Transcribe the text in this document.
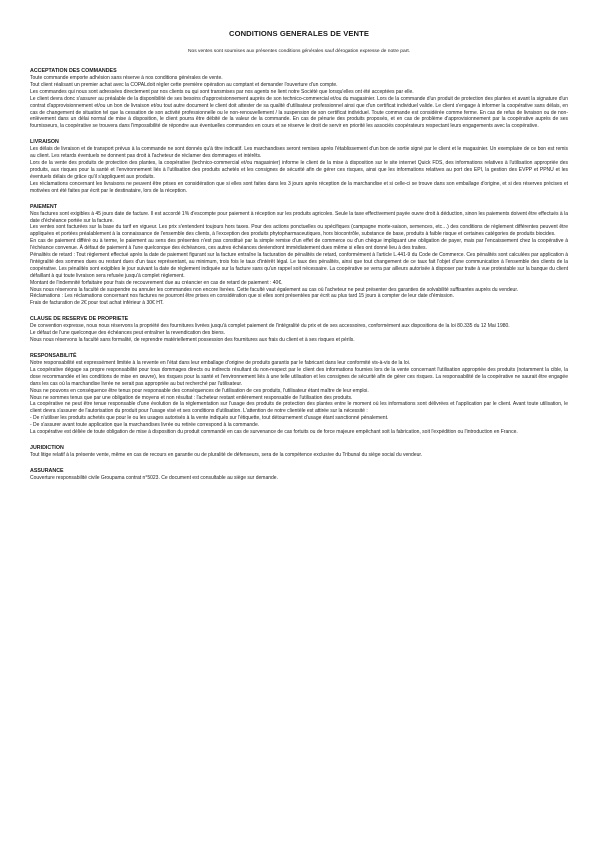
CONDITIONS GENERALES DE VENTE
Nos ventes sont soumises aux présentes conditions générales sauf dérogation expresse de notre part.
ACCEPTATION DES COMMANDES

Toute commande emporte adhésion sans réserve à nos conditions générales de vente.

Tout client réalisant un premier achat avec la COPALdoit régler cette première opération au comptant et demander l'ouverture d'un compte.

Les commandes qui nous sont adressées directement par nos clients ou qui sont transmises par nos agents ne lient notre Société que lorsqu'elles ont été acceptées par elle.

Le client devra donc s'assurer au préalable de la disponibilité de ses besoins d'approvisionnement auprès de son technico-commercial et/ou du magasinier. Lors de la commande d'un produit de protection des plantes et avant la signature d'un contrat d'approvisionnement et/ou un bon de livraison et/ou tout autre document le client doit attester de sa qualité d'utilisateur professionnel ainsi que d'un certificat individuel valide. Le client s'engage à informer la coopérative sans délais, en cas de changement de situation tel que la cessation de son activité professionnelle ou le non-renouvellement / la suspension de son certificat individuel. Toute commande est considérée comme ferme. En cas de refus de livraison ou de non-enlèvement dans un délai normal de mise à disposition, le client pourra être débité de la valeur de la commande. En cas de pénurie des produits proposés, et en cas de problème d'approvisionnement par la coopérative auprès de ses fournisseurs, la coopérative se trouvera dans l'impossibilité de répondre aux éventuelles commandes en cours et se réserve le droit de servir en priorité les associés coopérateurs respectant leurs engagements avec la coopérative.

LIVRAISON

Les délais de livraison et de transport prévus à la commande ne sont donnés qu'à titre indicatif. Les marchandises seront remises après l'établissement d'un bon de sortie signé par le client et le magasinier. Un exemplaire de ce bon est remis au client. Les retards éventuels ne donnent pas droit à l'acheteur de réclamer des dommages et intérêts.

Lors de la vente des produits de protection des plantes, la coopérative (technico-commercial et/ou magasinier) informe le client de la mise à disposition sur le site internet Quick FDS, des informations relatives à l'utilisation appropriée des produits, aux risques pour la santé et l'environnement liés à l'utilisation des produits achetés et les consignes de sécurité afin de gérer ces risques, ainsi que les informations relatives au port des EPI, la gestion des EVPP et PPNU et les éventuels délais de grâce qu'il s'appliquent aux produits.

Les réclamations concernant les livraisons ne peuvent être prises en considération que si elles sont faites dans les 3 jours après réception de la marchandise et si celle-ci se trouve dans son emballage d'origine, et si des réserves précises et motivées ont été faites par écrit par le destinataire, lors de la réception.

PAIEMENT

Nos factures sont exigibles à 45 jours date de facture. Il est accordé 1% d'escompte pour paiement à réception sur les produits agricoles. Seule la taxe effectivement payée ouvre droit à déduction, sinon les paiements doivent être effectués à la date d'échéance portée sur la facture.

Les ventes sont facturées sur la base du tarif en vigueur. Les prix s'entendent toujours hors taxes. Pour des actions ponctuelles ou spécifiques (campagne morte-saison, semences, etc…) des conditions de règlement différentes peuvent être appliquées et portées préalablement à la connaissance de l'ensemble des clients, à l'exception des produits phytopharmaceutiques, hors biocontrôle, substance de base, produits à faible risque et certaines catégories de produits biocides.

En cas de paiement différé ou à terme, le paiement au sens des présentes n'est pas constitué par la simple remise d'un effet de commerce ou d'un chèque impliquant une obligation de payer, mais par l'encaissement chez la coopérative à l'échéance convenue. À défaut de paiement à l'une quelconque des échéances, ces autres échéances deviendront immédiatement dues même si elles ont donné lieu à des traites.

Pénalités de retard : Tout règlement effectué après la date de paiement figurant sur la facture entraîne la facturation de pénalités de retard, conformément à l'article L.441-9 du Code de Commerce. Ces pénalités sont calculées par application à l'intégralité des sommes dues ou restant dues d'un taux représentant, au minimum, trois fois le taux d'intérêt légal. Le taux des pénalités, ainsi que tout changement de ce taux fait l'objet d'une communication à l'ensemble des clients de la coopérative. Les pénalités sont exigibles le jour suivant la date de règlement indiquée sur la facture sans qu'un rappel soit nécessaire. La coopérative se verra par ailleurs autorisée à disposer par traite à vue protestable sur la banque du client défaillant à qui toute livraison sera refusée jusqu'à complet règlement.

Montant de l'indemnité forfaitaire pour frais de recouvrement due au créancier en cas de retard de paiement : 40€.

Nous nous réservons la faculté de suspendre ou annuler les commandes non encore livrées. Cette faculté vaut également au cas où l'acheteur ne peut présenter des garanties de solvabilité suffisantes auprès du vendeur.

Réclamations : Les réclamations concernant nos factures ne pourront être prises en considération que si elles sont présentées par écrit au plus tard 15 jours à compter de leur date d'émission.

Frais de facturation de 2€ pour tout achat inférieur à 30€ HT.

CLAUSE DE RESERVE DE PROPRIETE

De convention expresse, nous nous réservons la propriété des fournitures livrées jusqu'à complet paiement de l'intégralité du prix et de ses accessoires, conformément aux dispositions de la loi 80.335 du 12 Mai 1980.

Le défaut de l'une quelconque des échéances peut entraîner la revendication des biens.

Nous nous réservons la faculté sans formalité, de reprendre matériellement possession des fournitures aux frais du client et à ses risques et périls.

RESPONSABILITÉ

Notre responsabilité est expressément limitée à la revente en l'état dans leur emballage d'origine de produits garantis par le fabricant dans leur conformité vis-à-vis de la loi.

La coopérative dégage sa propre responsabilité pour tous dommages directs ou indirects résultant du non-respect par le client des informations fournies lors de la vente concernant l'utilisation appropriée des produits (notamment la cible, la dose recommandée et les conditions de mise en œuvre), les risques pour la santé et l'environnement liés à une telle utilisation et les consignes de sécurité afin de gérer ces risques. La responsabilité de la coopérative ne saurait être engagée dans les cas où la marchandise livrée ne serait pas appropriée au but recherché par l'utilisateur.

Nous ne pouvons en conséquence être tenus pour responsable des conséquences de l'utilisation de ces produits, l'utilisateur étant maître de leur emploi.

Nous ne sommes tenus que par une obligation de moyens et non résultat : l'acheteur restant entièrement responsable de l'utilisation des produits.

La coopérative ne peut être tenue responsable d'une évolution de la réglementation sur l'usage des produits de protection des plantes entre le moment où les informations sont délivrées et l'application par le client. Avant toute utilisation, le client devra s'assurer de l'autorisation du produit pour l'usage visé et ses conditions d'utilisation. L'attention de notre clientèle est attirée sur la nécessité :

- De n'utiliser les produits achetés que pour le ou les usages autorisés à la vente indiqués sur l'étiquette, tout détournement d'usage étant sanctionné pénalement.

- De s'assurer avant toute application que la marchandises livrée ou retirée correspond à la commande.

La coopérative est déliée de toute obligation de mise à disposition du produit commandé en cas de survenance de cas fortuits ou de force majeure empêchant soit la fabrication, soit l'expédition ou l'introduction en France.

JURIDICTION

Tout litige relatif à la présente vente, même en cas de recours en garantie ou de pluralité de défenseurs, sera de la compétence exclusive du Tribunal du siège social du vendeur.

ASSURANCE

Couverture responsabilité civile Groupama contrat n°5023. Ce document est consultable au siège sur demande.
